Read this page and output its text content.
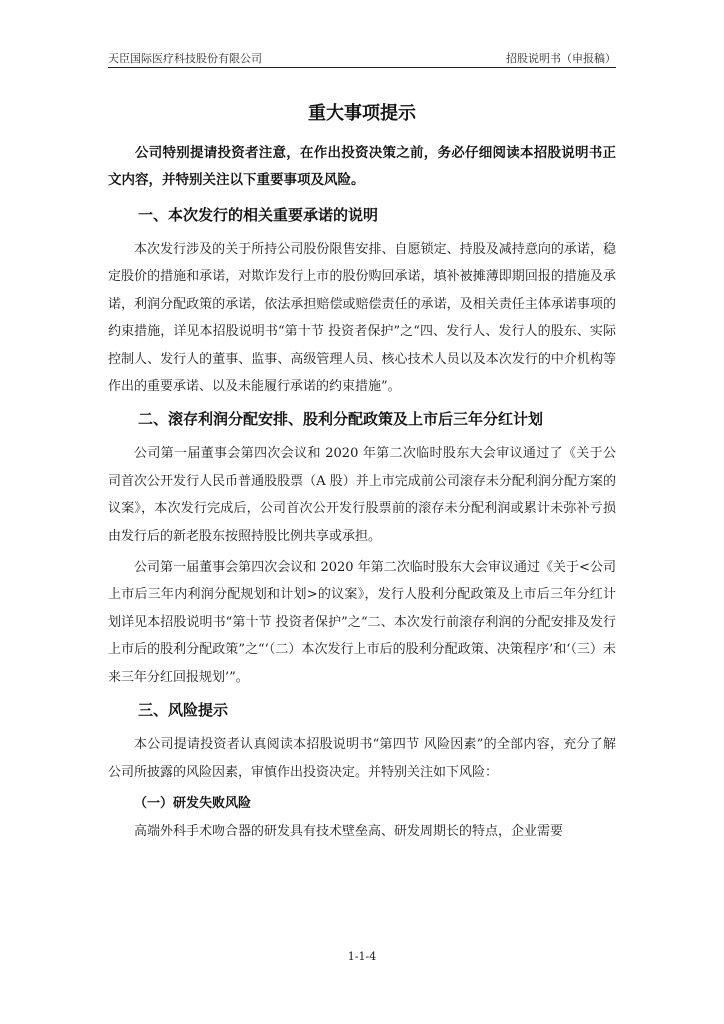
天臣国际医疗科技股份有限公司	招股说明书（申报稿）
重大事项提示

公司特别提请投资者注意，在作出投资决策之前，务必仔细阅读本招股说明书正文内容，并特别关注以下重要事项及风险。

一、本次发行的相关重要承诺的说明

本次发行涉及的关于所持公司股份限售安排、自愿锁定、持股及减持意向的承诺，稳定股价的措施和承诺，对欺诈发行上市的股份购回承诺，填补被摊薄即期回报的措施及承诺，利润分配政策的承诺，依法承担赔偿或赔偿责任的承诺，及相关责任主体承诺事项的约束措施，详见本招股说明书“第十节 投资者保护”之“四、发行人、发行人的股东、实际控制人、发行人的董事、监事、高级管理人员、核心技术人员以及本次发行的中介机构等作出的重要承诺、以及未能履行承诺的约束措施”。

二、滚存利润分配安排、股利分配政策及上市后三年分红计划

公司第一届董事会第四次会议和 2020 年第二次临时股东大会审议通过了《关于公司首次公开发行人民币普通股股票（A 股）并上市完成前公司滚存未分配利润分配方案的议案》，本次发行完成后，公司首次公开发行股票前的滚存未分配利润或累计未弥补亏损由发行后的新老股东按照持股比例共享或承担。

公司第一届董事会第四次会议和 2020 年第二次临时股东大会审议通过《关于<公司上市后三年内利润分配规划和计划>的议案》，发行人股利分配政策及上市后三年分红计划详见本招股说明书“第十节 投资者保护”之“二、本次发行前滚存利润的分配安排及发行上市后的股利分配政策”之“‘（二）本次发行上市后的股利分配政策、决策程序’和‘（三）未来三年分红回报规划’”。

三、风险提示

本公司提请投资者认真阅读本招股说明书“第四节 风险因素”的全部内容，充分了解公司所披露的风险因素，审慎作出投资决定。并特别关注如下风险：

（一）研发失败风险

高端外科手术吻合器的研发具有技术壁垒高、研发周期长的特点，企业需要

1-1-4
